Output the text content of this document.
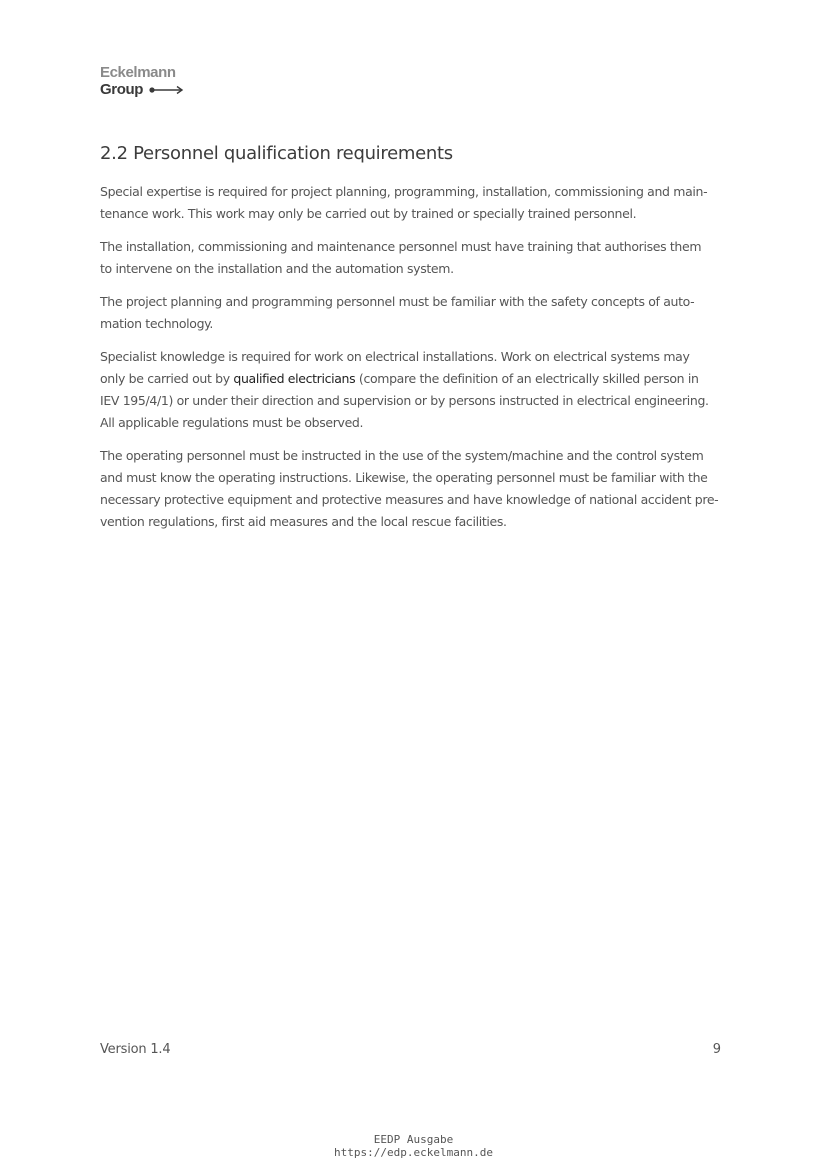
Eckelmann
Group
2.2 Personnel qualification requirements

Special expertise is required for project planning, programming, installation, commissioning and main-
tenance work. This work may only be carried out by trained or specially trained personnel.

The installation, commissioning and maintenance personnel must have training that authorises them
to intervene on the installation and the automation system.

The project planning and programming personnel must be familiar with the safety concepts of auto-
mation technology.

Specialist knowledge is required for work on electrical installations. Work on electrical systems may
only be carried out by qualified electricians (compare the definition of an electrically skilled person in
IEV 195/4/1) or under their direction and supervision or by persons instructed in electrical engineering.
All applicable regulations must be observed.

The operating personnel must be instructed in the use of the system/machine and the control system
and must know the operating instructions. Likewise, the operating personnel must be familiar with the
necessary protective equipment and protective measures and have knowledge of national accident pre-
vention regulations, first aid measures and the local rescue facilities.

Version 1.4	9
EEDP Ausgabe
https://edp.eckelmann.de
